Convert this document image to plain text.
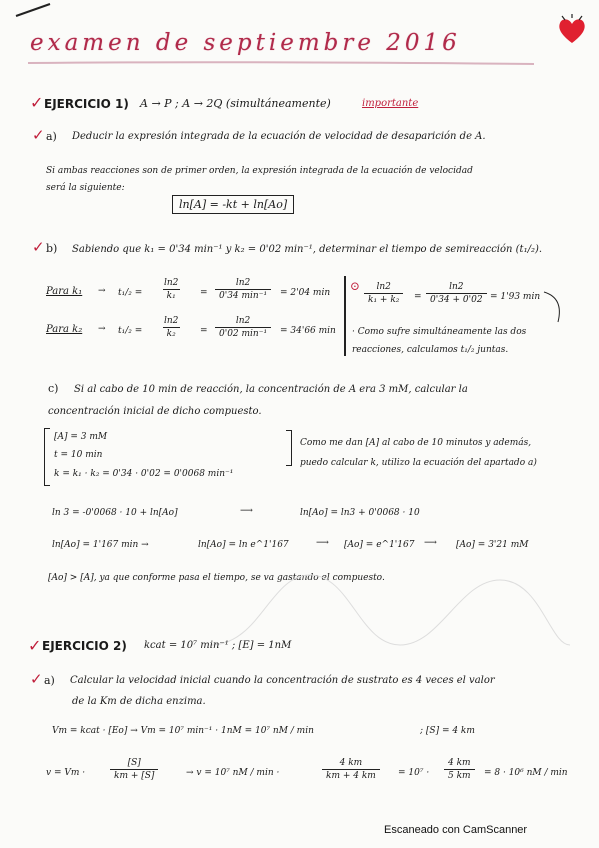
examen de septiembre 2016
✓ EJERCICIO 1) A → P ; A → 2Q (simultáneamente)	importante
✓ a) Deducir la expresión integrada de la ecuación de velocidad de desaparición de A.
Si ambas reacciones son de primer orden, la expresión integrada de la ecuación de velocidad
será la siguiente:
ln[A] = -kt + ln[Ao]
✓ b) Sabiendo que k₁ = 0'34 min⁻¹ y k₂ = 0'02 min⁻¹, determinar el tiempo de semireacción (t₁/₂).
Para $k_1 \to t_1/_2 = \frac{\ln 2}{\text{k₁}}$ =
ln2
0'34 min⁻¹	= 2'04 min
Para $k_2 \to t_1/_2 = \frac{\ln 2}{\text{k₂}}$ =
ln2
0'02 min⁻¹	= 34'66 min
⊙ $\frac{\ln 2}{\text{k₁ + k₂}} = \frac{\ln 2}{0'34 + 0'02} = 1'93$ min
· Como sufre simultáneamente las dos
reacciones, calculamos t₁/₂ juntas.
c) Si al cabo de 10 min de reacción, la concentración de A era 3 mM, calcular la
concentración inicial de dicho compuesto.
[A] = 3 mM
t = 10 min
k = k₁ · k₂ = 0'34 · 0'02 = 0'0068 min⁻¹
Como me dan [A] al cabo de 10 minutos y además,
puedo calcular k, utilizo la ecuación del apartado a)
ln 3 = -0'0068 · 10 + ln[Ao]	⟶	ln[Ao] = ln3 + 0'0068 · 10
ln[Ao] = 1'167 min →	ln[Ao] = ln e^1'167	⟶ [Ao] = e^1'167 ⟶ [Ao] = 3'21 mM
[Ao] > [A], ya que conforme pasa el tiempo, se va gastando el compuesto.
✓ EJERCICIO 2) kcat = 10⁷ min⁻¹ ; [E] = 1nM
✓ a) Calcular la velocidad inicial cuando la concentración de sustrato es 4 veces el valor
de la Km de dicha enzima.
Vm = kcat · [Eo] → Vm = 10⁷ min⁻¹ · 1nM = 10⁷ nM / min	; [S] = 4 km
v = Vm ·	$\frac{[S]}{km + [S]}$	→ v = 10⁷ nM / min ·	$\frac{4 km}{km + 4 km} = 10^7 \cdot \frac{4 km}{5 km} = 8 \cdot 10^6$ nM / min
Escaneado con CamScanner
